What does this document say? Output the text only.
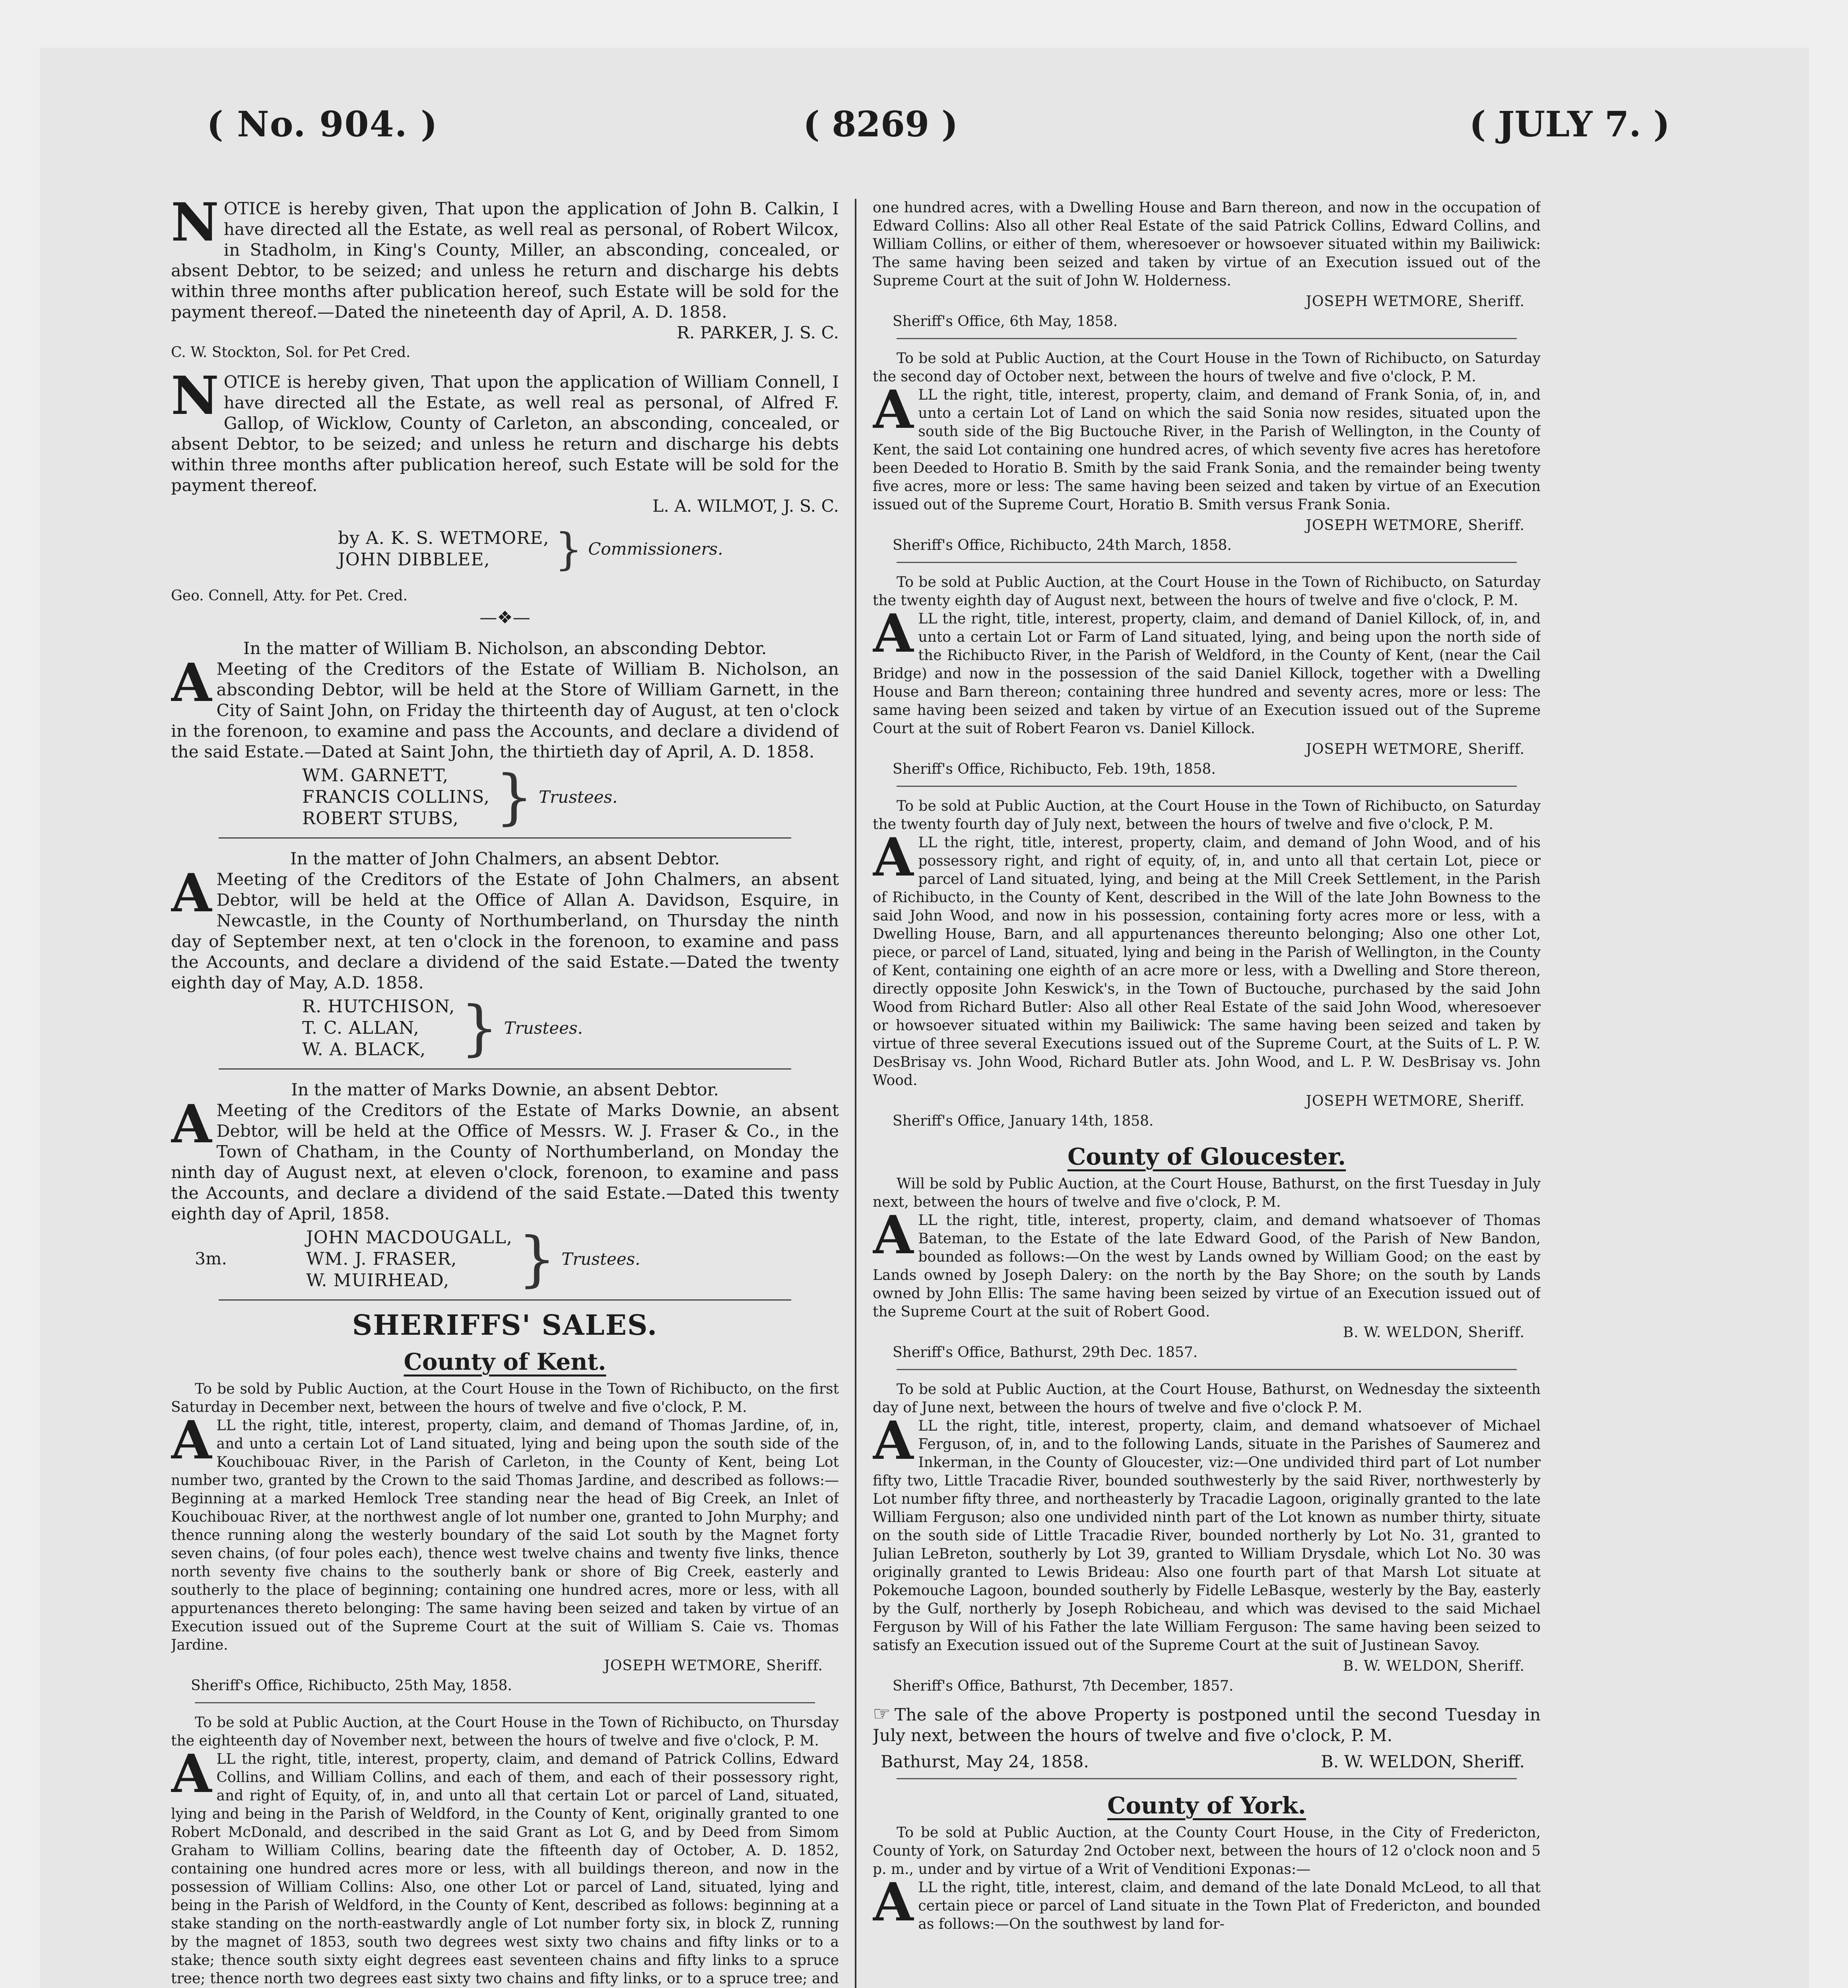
( No. 904. )	( 8269 )	( JULY 7. )

NOTICE is hereby given, That upon the application of John B. Calkin, I have directed all the Estate, as well real as personal, of Robert Wilcox, in Stadholm, in King's County, Miller, an absconding, concealed, or absent Debtor, to be seized; and unless he return and discharge his debts within three months after publication hereof, such Estate will be sold for the payment thereof.—Dated the nineteenth day of April, A. D. 1858.

R. PARKER, J. S. C.

C. W. Stockton, Sol. for Pet Cred.

NOTICE is hereby given, That upon the application of William Connell, I have directed all the Estate, as well real as personal, of Alfred F. Gallop, of Wicklow, County of Carleton, an absconding, concealed, or absent Debtor, to be seized; and unless he return and discharge his debts within three months after publication hereof, such Estate will be sold for the payment thereof.

L. A. WILMOT, J. S. C.

by A. K. S. WETMORE,
JOHN DIBBLEE,	} Commissioners.

Geo. Connell, Atty. for Pet. Cred.

—❖—

In the matter of William B. Nicholson, an absconding Debtor.

A Meeting of the Creditors of the Estate of William B. Nicholson, an absconding Debtor, will be held at the Store of William Garnett, in the City of Saint John, on Friday the thirteenth day of August, at ten o'clock in the forenoon, to examine and pass the Accounts, and declare a dividend of the said Estate.—Dated at Saint John, the thirtieth day of April, A. D. 1858.

WM. GARNETT,
FRANCIS COLLINS,
ROBERT STUBS, } Trustees.

In the matter of John Chalmers, an absent Debtor.

A Meeting of the Creditors of the Estate of John Chalmers, an absent Debtor, will be held at the Office of Allan A. Davidson, Esquire, in Newcastle, in the County of Northumberland, on Thursday the ninth day of September next, at ten o'clock in the forenoon, to examine and pass the Accounts, and declare a dividend of the said Estate.—Dated the twenty eighth day of May, A.D. 1858.

R. HUTCHISON,
T. C. ALLAN,
W. A. BLACK, } Trustees.

In the matter of Marks Downie, an absent Debtor.

A Meeting of the Creditors of the Estate of Marks Downie, an absent Debtor, will be held at the Office of Messrs. W. J. Fraser & Co., in the Town of Chatham, in the County of Northumberland, on Monday the ninth day of August next, at eleven o'clock, forenoon, to examine and pass the Accounts, and declare a dividend of the said Estate.—Dated this twenty eighth day of April, 1858.

3m.
JOHN MACDOUGALL,
WM. J. FRASER,
W. MUIRHEAD,	} Trustees.
SHERIFFS' SALES.
County of Kent.

To be sold by Public Auction, at the Court House in the Town of Richibucto, on the first Saturday in December next, between the hours of twelve and five o'clock, P. M.

ALL the right, title, interest, property, claim, and demand of Thomas Jardine, of, in, and unto a certain Lot of Land situated, lying and being upon the south side of the Kouchibouac River, in the Parish of Carleton, in the County of Kent, being Lot number two, granted by the Crown to the said Thomas Jardine, and described as follows:—Beginning at a marked Hemlock Tree standing near the head of Big Creek, an Inlet of Kouchibouac River, at the northwest angle of lot number one, granted to John Murphy; and thence running along the westerly boundary of the said Lot south by the Magnet forty seven chains, (of four poles each), thence west twelve chains and twenty five links, thence north seventy five chains to the southerly bank or shore of Big Creek, easterly and southerly to the place of beginning; containing one hundred acres, more or less, with all appurtenances thereto belonging: The same having been seized and taken by virtue of an Execution issued out of the Supreme Court at the suit of William S. Caie vs. Thomas Jardine.

JOSEPH WETMORE, Sheriff.

Sheriff's Office, Richibucto, 25th May, 1858.

To be sold at Public Auction, at the Court House in the Town of Richibucto, on Thursday the eighteenth day of November next, between the hours of twelve and five o'clock, P. M.

ALL the right, title, interest, property, claim, and demand of Patrick Collins, Edward Collins, and William Collins, and each of them, and each of their possessory right, and right of Equity, of, in, and unto all that certain Lot or parcel of Land, situated, lying and being in the Parish of Weldford, in the County of Kent, originally granted to one Robert McDonald, and described in the said Grant as Lot G, and by Deed from Simom Graham to William Collins, bearing date the fifteenth day of October, A. D. 1852, containing one hundred acres more or less, with all buildings thereon, and now in the possession of William Collins: Also, one other Lot or parcel of Land, situated, lying and being in the Parish of Weldford, in the County of Kent, described as follows: beginning at a stake standing on the north-eastwardly angle of Lot number forty six, in block Z, running by the magnet of 1853, south two degrees west sixty two chains and fifty links or to a stake; thence south sixty eight degrees east seventeen chains and fifty links to a spruce tree; thence north two degrees east sixty two chains and fifty links, or to a spruce tree; and

one hundred acres, with a Dwelling House and Barn thereon, and now in the occupation of Edward Collins: Also all other Real Estate of the said Patrick Collins, Edward Collins, and William Collins, or either of them, wheresoever or howsoever situated within my Bailiwick: The same having been seized and taken by virtue of an Execution issued out of the Supreme Court at the suit of John W. Holderness.

JOSEPH WETMORE, Sheriff.

Sheriff's Office, 6th May, 1858.

To be sold at Public Auction, at the Court House in the Town of Richibucto, on Saturday the second day of October next, between the hours of twelve and five o'clock, P. M.

ALL the right, title, interest, property, claim, and demand of Frank Sonia, of, in, and unto a certain Lot of Land on which the said Sonia now resides, situated upon the south side of the Big Buctouche River, in the Parish of Wellington, in the County of Kent, the said Lot containing one hundred acres, of which seventy five acres has heretofore been Deeded to Horatio B. Smith by the said Frank Sonia, and the remainder being twenty five acres, more or less: The same having been seized and taken by virtue of an Execution issued out of the Supreme Court, Horatio B. Smith versus Frank Sonia.

JOSEPH WETMORE, Sheriff.

Sheriff's Office, Richibucto, 24th March, 1858.

To be sold at Public Auction, at the Court House in the Town of Richibucto, on Saturday the twenty eighth day of August next, between the hours of twelve and five o'clock, P. M.

ALL the right, title, interest, property, claim, and demand of Daniel Killock, of, in, and unto a certain Lot or Farm of Land situated, lying, and being upon the north side of the Richibucto River, in the Parish of Weldford, in the County of Kent, (near the Cail Bridge) and now in the possession of the said Daniel Killock, together with a Dwelling House and Barn thereon; containing three hundred and seventy acres, more or less: The same having been seized and taken by virtue of an Execution issued out of the Supreme Court at the suit of Robert Fearon vs. Daniel Killock.

JOSEPH WETMORE, Sheriff.

Sheriff's Office, Richibucto, Feb. 19th, 1858.

To be sold at Public Auction, at the Court House in the Town of Richibucto, on Saturday the twenty fourth day of July next, between the hours of twelve and five o'clock, P. M.

ALL the right, title, interest, property, claim, and demand of John Wood, and of his possessory right, and right of equity, of, in, and unto all that certain Lot, piece or parcel of Land situated, lying, and being at the Mill Creek Settlement, in the Parish of Richibucto, in the County of Kent, described in the Will of the late John Bowness to the said John Wood, and now in his possession, containing forty acres more or less, with a Dwelling House, Barn, and all appurtenances thereunto belonging; Also one other Lot, piece, or parcel of Land, situated, lying and being in the Parish of Wellington, in the County of Kent, containing one eighth of an acre more or less, with a Dwelling and Store thereon, directly opposite John Keswick's, in the Town of Buctouche, purchased by the said John Wood from Richard Butler: Also all other Real Estate of the said John Wood, wheresoever or howsoever situated within my Bailiwick: The same having been seized and taken by virtue of three several Executions issued out of the Supreme Court, at the Suits of L. P. W. DesBrisay vs. John Wood, Richard Butler ats. John Wood, and L. P. W. DesBrisay vs. John Wood.

JOSEPH WETMORE, Sheriff.

Sheriff's Office, January 14th, 1858.

County of Gloucester.

Will be sold by Public Auction, at the Court House, Bathurst, on the first Tuesday in July next, between the hours of twelve and five o'clock, P. M.

ALL the right, title, interest, property, claim, and demand whatsoever of Thomas Bateman, to the Estate of the late Edward Good, of the Parish of New Bandon, bounded as follows:—On the west by Lands owned by William Good; on the east by Lands owned by Joseph Dalery: on the north by the Bay Shore; on the south by Lands owned by John Ellis: The same having been seized by virtue of an Execution issued out of the Supreme Court at the suit of Robert Good.

B. W. WELDON, Sheriff.

Sheriff's Office, Bathurst, 29th Dec. 1857.

To be sold at Public Auction, at the Court House, Bathurst, on Wednesday the sixteenth day of June next, between the hours of twelve and five o'clock P. M.

ALL the right, title, interest, property, claim, and demand whatsoever of Michael Ferguson, of, in, and to the following Lands, situate in the Parishes of Saumerez and Inkerman, in the County of Gloucester, viz:—One undivided third part of Lot number fifty two, Little Tracadie River, bounded southwesterly by the said River, northwesterly by Lot number fifty three, and northeasterly by Tracadie Lagoon, originally granted to the late William Ferguson; also one undivided ninth part of the Lot known as number thirty, situate on the south side of Little Tracadie River, bounded northerly by Lot No. 31, granted to Julian LeBreton, southerly by Lot 39, granted to William Drysdale, which Lot No. 30 was originally granted to Lewis Brideau: Also one fourth part of that Marsh Lot situate at Pokemouche Lagoon, bounded southerly by Fidelle LeBasque, westerly by the Bay, easterly by the Gulf, northerly by Joseph Robicheau, and which was devised to the said Michael Ferguson by Will of his Father the late William Ferguson: The same having been seized to satisfy an Execution issued out of the Supreme Court at the suit of Justinean Savoy.

B. W. WELDON, Sheriff.

Sheriff's Office, Bathurst, 7th December, 1857.

☞ The sale of the above Property is postponed until the second Tuesday in July next, between the hours of twelve and five o'clock, P. M.

Bathurst, May 24, 1858.	B. W. WELDON, Sheriff.

County of York.

To be sold at Public Auction, at the County Court House, in the City of Fredericton, County of York, on Saturday 2nd October next, between the hours of 12 o'clock noon and 5 p. m., under and by virtue of a Writ of Venditioni Exponas:—

ALL the right, title, interest, claim, and demand of the late Donald McLeod, to all that certain piece or parcel of Land situate in the Town Plat of Fredericton, and bounded as follows:—On the southwest by land for-
